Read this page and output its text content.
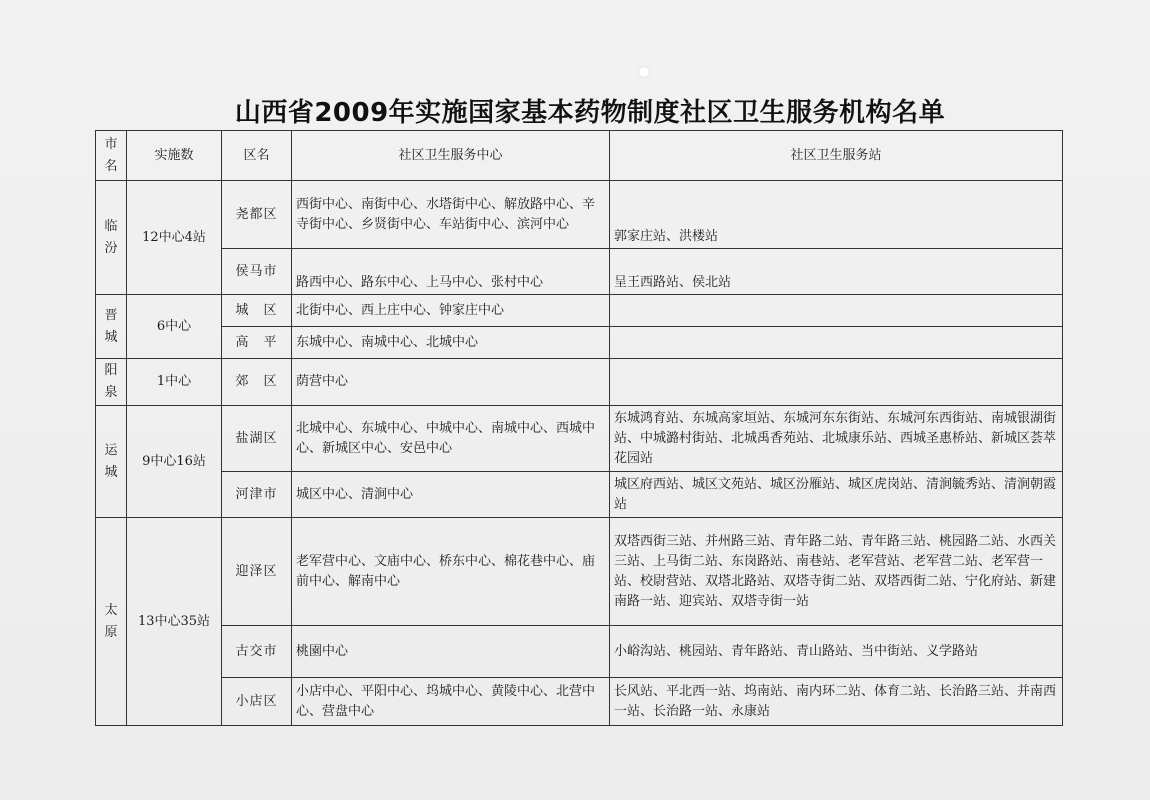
山西省2009年实施国家基本药物制度社区卫生服务机构名单
市
名	实施数	区名	社区卫生服务中心	社区卫生服务站
临
汾	12中心4站	尧都区	西街中心、南街中心、水塔街中心、解放路中心、辛寺街中心、乡贤街中心、车站街中心、滨河中心	郭家庄站、洪楼站
		侯马市	路西中心、路东中心、上马中心、张村中心	呈王西路站、侯北站
晋
城	6中心	城　区	北街中心、西上庄中心、钟家庄中心	
		高　平	东城中心、南城中心、北城中心	
阳
泉	1中心	郊　区	荫营中心	
运
城	9中心16站	盐湖区	北城中心、东城中心、中城中心、南城中心、西城中心、新城区中心、安邑中心	东城鸿育站、东城高家垣站、东城河东东街站、东城河东西街站、南城银湖街站、中城潞村街站、北城禹香苑站、北城康乐站、西城圣惠桥站、新城区荟萃花园站
		河津市	城区中心、清涧中心	城区府西站、城区文苑站、城区汾雁站、城区虎岗站、清涧毓秀站、清涧朝霞站
太
原	13中心35站	迎泽区	老军营中心、文庙中心、桥东中心、棉花巷中心、庙前中心、解南中心	双塔西街三站、并州路三站、青年路二站、青年路三站、桃园路二站、水西关三站、上马街二站、东岗路站、南巷站、老军营站、老军营二站、老军营一站、校尉营站、双塔北路站、双塔寺街二站、双塔西街二站、宁化府站、新建南路一站、迎宾站、双塔寺街一站
		古交市	桃園中心	小峪沟站、桃园站、青年路站、青山路站、当中街站、义学路站
		小店区	小店中心、平阳中心、坞城中心、黄陵中心、北营中心、营盘中心	长风站、平北西一站、坞南站、南内环二站、体育二站、长治路三站、并南西一站、长治路一站、永康站
